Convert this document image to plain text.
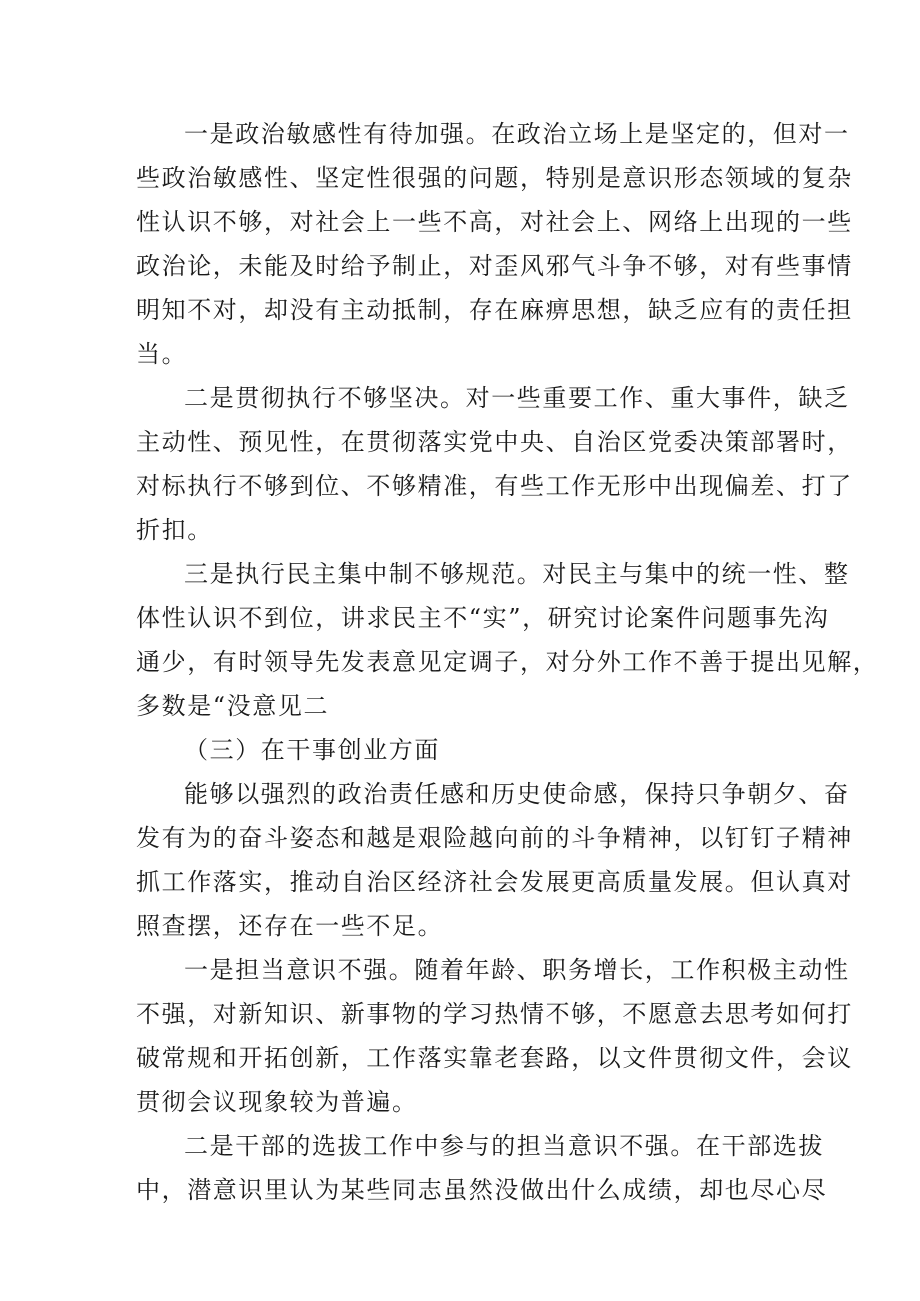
一是政治敏感性有待加强。在政治立场上是坚定的，但对一
些政治敏感性、坚定性很强的问题，特别是意识形态领域的复杂
性认识不够，对社会上一些不高，对社会上、网络上出现的一些
政治论，未能及时给予制止，对歪风邪气斗争不够，对有些事情
明知不对，却没有主动抵制，存在麻痹思想，缺乏应有的责任担
当。
二是贯彻执行不够坚决。对一些重要工作、重大事件，缺乏
主动性、预见性，在贯彻落实党中央、自治区党委决策部署时，
对标执行不够到位、不够精准，有些工作无形中出现偏差、打了
折扣。
三是执行民主集中制不够规范。对民主与集中的统一性、整
体性认识不到位，讲求民主不“实”，研究讨论案件问题事先沟
通少，有时领导先发表意见定调子，对分外工作不善于提出见解，
多数是“没意见二
（三）在干事创业方面
能够以强烈的政治责任感和历史使命感，保持只争朝夕、奋
发有为的奋斗姿态和越是艰险越向前的斗争精神，以钉钉子精神
抓工作落实，推动自治区经济社会发展更高质量发展。但认真对
照查摆，还存在一些不足。
一是担当意识不强。随着年龄、职务增长，工作积极主动性
不强，对新知识、新事物的学习热情不够，不愿意去思考如何打
破常规和开拓创新，工作落实靠老套路，以文件贯彻文件，会议
贯彻会议现象较为普遍。
二是干部的选拔工作中参与的担当意识不强。在干部选拔
中，潜意识里认为某些同志虽然没做出什么成绩，却也尽心尽
